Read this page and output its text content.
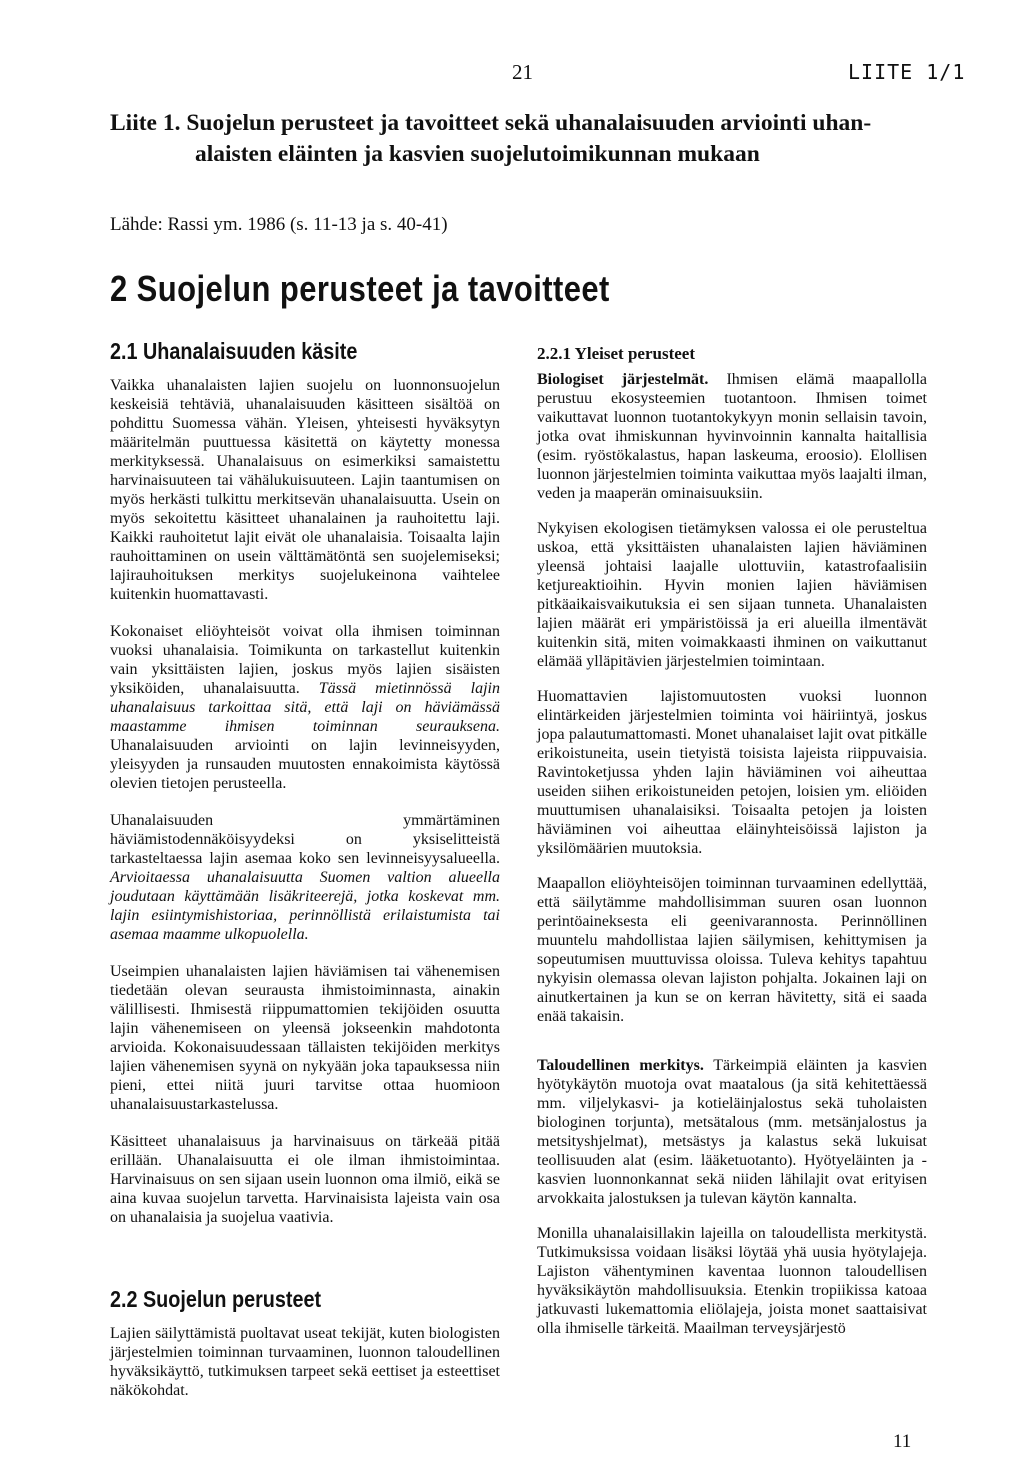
21	LIITE 1/1
Liite 1. Suojelun perusteet ja tavoitteet sekä uhanalaisuuden arviointi uhan-
alaisten eläinten ja kasvien suojelutoimikunnan mukaan
Lähde: Rassi ym. 1986 (s. 11-13 ja s. 40-41)
2 Suojelun perusteet ja tavoitteet
2.1 Uhanalaisuuden käsite

Vaikka uhanalaisten lajien suojelu on luonnonsuojelun keskeisiä tehtäviä, uhanalaisuuden käsitteen sisältöä on pohdittu Suomessa vähän. Yleisen, yhteisesti hyväksytyn määritelmän puuttuessa käsitettä on käytetty monessa merkityksessä. Uhanalaisuus on esimerkiksi samaistettu harvinaisuuteen tai vähälukuisuuteen. Lajin taantumisen on myös herkästi tulkittu merkitsevän uhanalaisuutta. Usein on myös sekoitettu käsitteet uhanalainen ja rauhoitettu laji. Kaikki rauhoitetut lajit eivät ole uhanalaisia. Toisaalta lajin rauhoittaminen on usein välttämätöntä sen suojelemiseksi; lajirauhoituksen merkitys suojelukeinona vaihtelee kuitenkin huomattavasti.

Kokonaiset eliöyhteisöt voivat olla ihmisen toiminnan vuoksi uhanalaisia. Toimikunta on tarkastellut kuitenkin vain yksittäisten lajien, joskus myös lajien sisäisten yksiköiden, uhanalaisuutta. Tässä mietinnössä lajin uhanalaisuus tarkoittaa sitä, että laji on häviämässä maastamme ihmisen toiminnan seurauksena. Uhanalaisuuden arviointi on lajin levinneisyyden, yleisyyden ja runsauden muutosten ennakoimista käytössä olevien tietojen perusteella.

Uhanalaisuuden ymmärtäminen häviämistodennäköisyydeksi on yksiselitteistä tarkasteltaessa lajin asemaa koko sen levinneisyysalueella. Arvioitaessa uhanalaisuutta Suomen valtion alueella joudutaan käyttämään lisäkriteerejä, jotka koskevat mm. lajin esiintymishistoriaa, perinnöllistä erilaistumista tai asemaa maamme ulkopuolella.

Useimpien uhanalaisten lajien häviämisen tai vähenemisen tiedetään olevan seurausta ihmistoiminnasta, ainakin välillisesti. Ihmisestä riippumattomien tekijöiden osuutta lajin vähenemiseen on yleensä jokseenkin mahdotonta arvioida. Kokonaisuudessaan tällaisten tekijöiden merkitys lajien vähenemisen syynä on nykyään joka tapauksessa niin pieni, ettei niitä juuri tarvitse ottaa huomioon uhanalaisuustarkastelussa.

Käsitteet uhanalaisuus ja harvinaisuus on tärkeää pitää erillään. Uhanalaisuutta ei ole ilman ihmistoimintaa. Harvinaisuus on sen sijaan usein luonnon oma ilmiö, eikä se aina kuvaa suojelun tarvetta. Harvinaisista lajeista vain osa on uhanalaisia ja suojelua vaativia.

2.2 Suojelun perusteet

Lajien säilyttämistä puoltavat useat tekijät, kuten biologisten järjestelmien toiminnan turvaaminen, luonnon taloudellinen hyväksikäyttö, tutkimuksen tarpeet sekä eettiset ja esteettiset näkökohdat.

2.2.1 Yleiset perusteet

Biologiset järjestelmät. Ihmisen elämä maapallolla perustuu ekosysteemien tuotantoon. Ihmisen toimet vaikuttavat luonnon tuotantokykyyn monin sellaisin tavoin, jotka ovat ihmiskunnan hyvinvoinnin kannalta haitallisia (esim. ryöstökalastus, hapan laskeuma, eroosio). Elollisen luonnon järjestelmien toiminta vaikuttaa myös laajalti ilman, veden ja maaperän ominaisuuksiin.

Nykyisen ekologisen tietämyksen valossa ei ole perusteltua uskoa, että yksittäisten uhanalaisten lajien häviäminen yleensä johtaisi laajalle ulottuviin, katastrofaalisiin ketjureaktioihin. Hyvin monien lajien häviämisen pitkäaikaisvaikutuksia ei sen sijaan tunneta. Uhanalaisten lajien määrät eri ympäristöissä ja eri alueilla ilmentävät kuitenkin sitä, miten voimakkaasti ihminen on vaikuttanut elämää ylläpitävien järjestelmien toimintaan.

Huomattavien lajistomuutosten vuoksi luonnon elintärkeiden järjestelmien toiminta voi häiriintyä, joskus jopa palautumattomasti. Monet uhanalaiset lajit ovat pitkälle erikoistuneita, usein tietyistä toisista lajeista riippuvaisia. Ravintoketjussa yhden lajin häviäminen voi aiheuttaa useiden siihen erikoistuneiden petojen, loisien ym. eliöiden muuttumisen uhanalaisiksi. Toisaalta petojen ja loisten häviäminen voi aiheuttaa eläinyhteisöissä lajiston ja yksilömäärien muutoksia.

Maapallon eliöyhteisöjen toiminnan turvaaminen edellyttää, että säilytämme mahdollisimman suuren osan luonnon perintöaineksesta eli geenivarannosta. Perinnöllinen muuntelu mahdollistaa lajien säilymisen, kehittymisen ja sopeutumisen muuttuvissa oloissa. Tuleva kehitys tapahtuu nykyisin olemassa olevan lajiston pohjalta. Jokainen laji on ainutkertainen ja kun se on kerran hävitetty, sitä ei saada enää takaisin.

Taloudellinen merkitys. Tärkeimpiä eläinten ja kasvien hyötykäytön muotoja ovat maatalous (ja sitä kehitettäessä mm. viljelykasvi- ja kotieläinjalostus sekä tuholaisten biologinen torjunta), metsätalous (mm. metsänjalostus ja metsityshjelmat), metsästys ja kalastus sekä lukuisat teollisuuden alat (esim. lääketuotanto). Hyötyeläinten ja -kasvien luonnonkannat sekä niiden lähilajit ovat erityisen arvokkaita jalostuksen ja tulevan käytön kannalta.

Monilla uhanalaisillakin lajeilla on taloudellista merkitystä. Tutkimuksissa voidaan lisäksi löytää yhä uusia hyötylajeja. Lajiston vähentyminen kaventaa luonnon taloudellisen hyväksikäytön mahdollisuuksia. Etenkin tropiikissa katoaa jatkuvasti lukemattomia eliölajeja, joista monet saattaisivat olla ihmiselle tärkeitä. Maailman terveysjärjestö

11
